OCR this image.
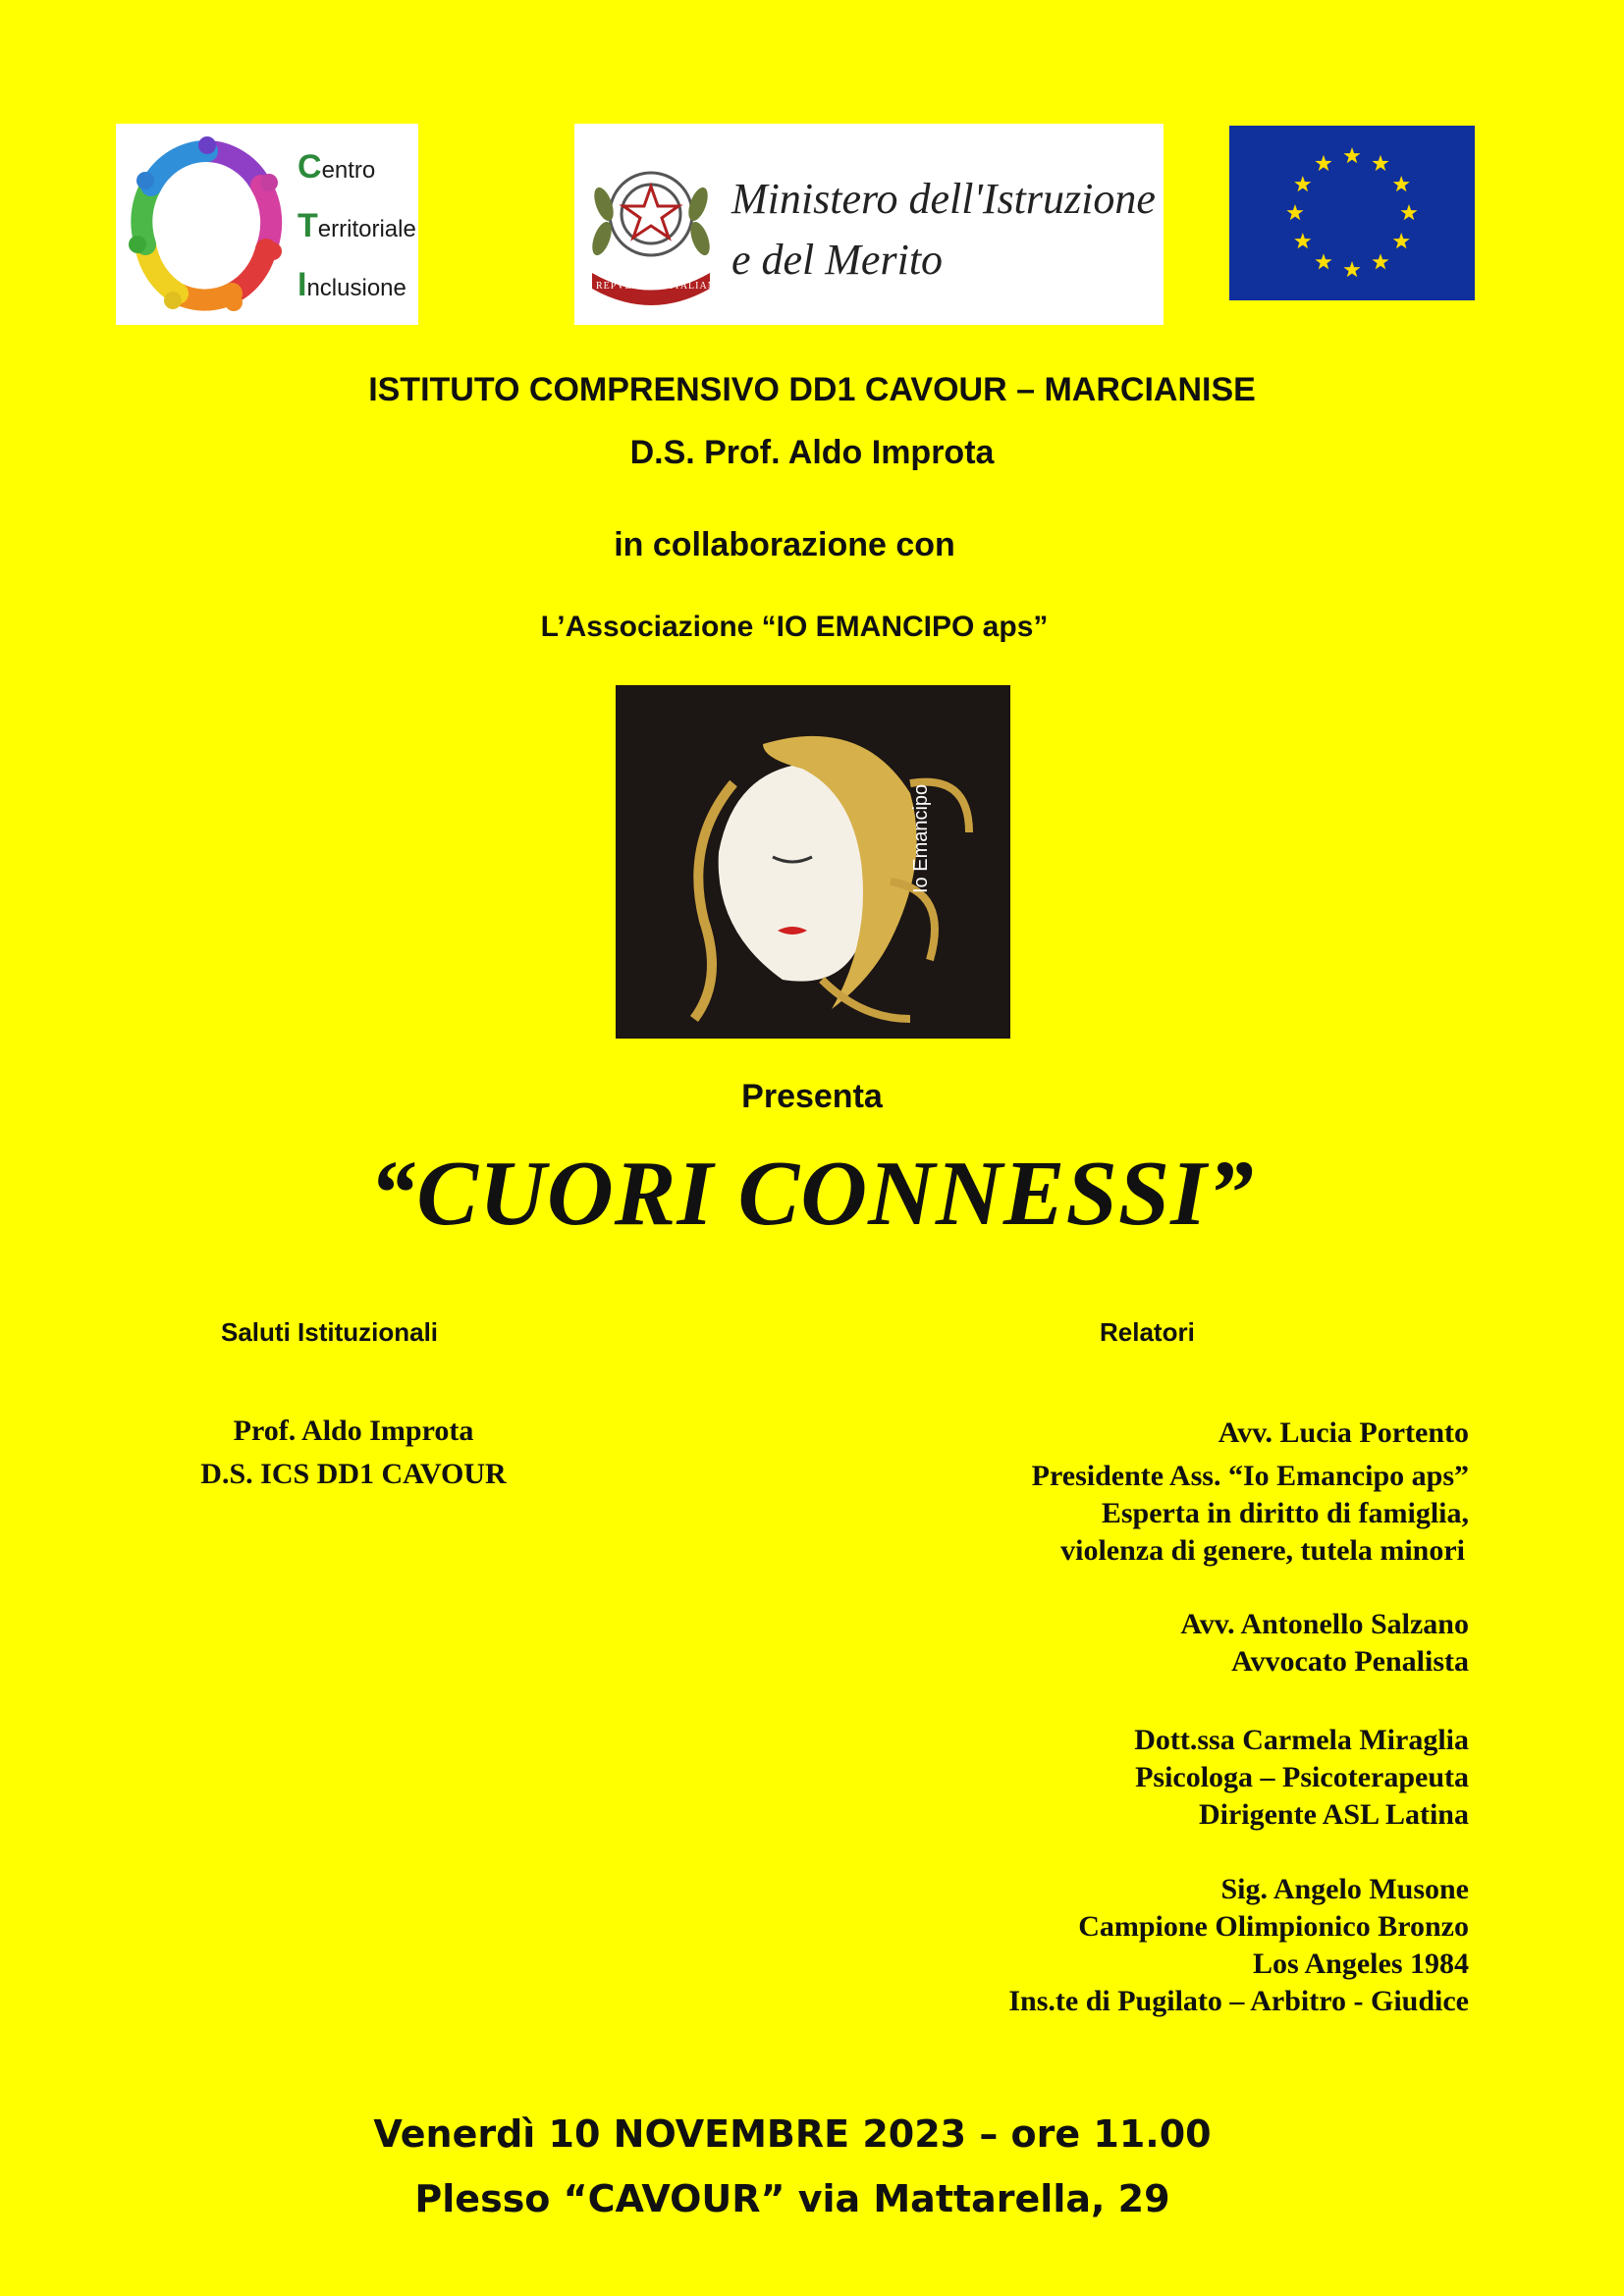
Centro
Territoriale
Inclusione	REPVBBLICA ITALIANA
Ministero dell'Istruzione
e del Merito
ISTITUTO COMPRENSIVO DD1 CAVOUR – MARCIANISE
D.S. Prof. Aldo Improta
in collaborazione con
L’Associazione “IO EMANCIPO aps”
Io Emancipo
Presenta
“CUORI CONNESSI”
Saluti Istituzionali	Relatori
Prof. Aldo Improta
D.S. ICS DD1 CAVOUR
Avv. Lucia Portento
Presidente Ass. “Io Emancipo aps”
Esperta in diritto di famiglia,
violenza di genere, tutela minori
Avv. Antonello Salzano
Avvocato Penalista
Dott.ssa Carmela Miraglia
Psicologa – Psicoterapeuta
Dirigente ASL Latina
Sig. Angelo Musone
Campione Olimpionico Bronzo
Los Angeles 1984
Ins.te di Pugilato – Arbitro - Giudice
Venerdì 10 NOVEMBRE 2023 – ore 11.00
Plesso “CAVOUR” via Mattarella, 29
